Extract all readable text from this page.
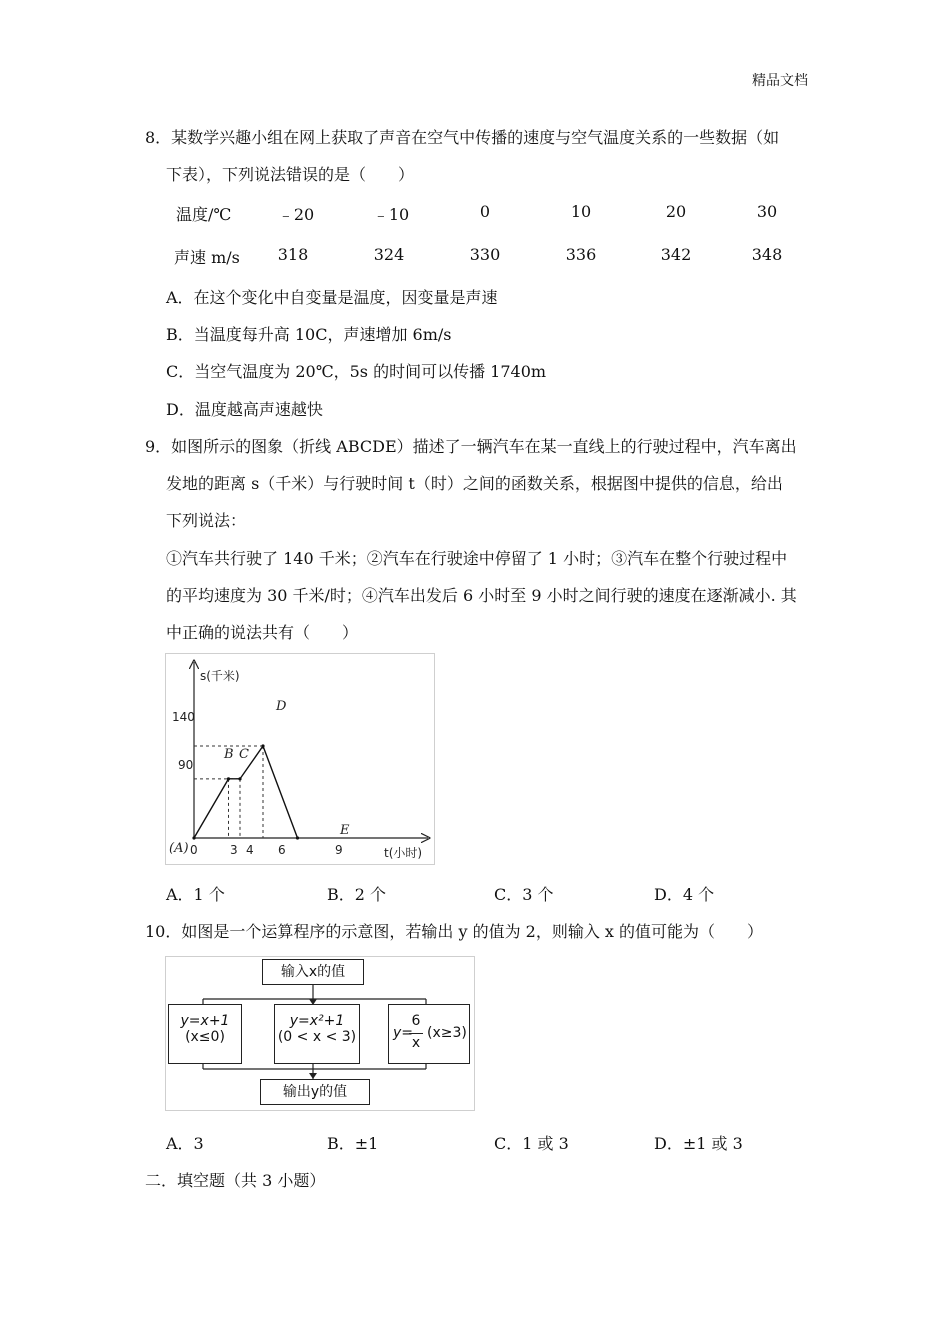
精品文档
8．某数学兴趣小组在网上获取了声音在空气中传播的速度与空气温度关系的一些数据（如
下表），下列说法错误的是（　　）
温度/℃	﹣20	﹣10	0	10	20	30
声速 m/s	318	324	330	336	342	348
A．在这个变化中自变量是温度，因变量是声速
B．当温度每升高 10C，声速增加 6m/s
C．当空气温度为 20℃，5s 的时间可以传播 1740m
D．温度越高声速越快
9．如图所示的图象（折线 ABCDE）描述了一辆汽车在某一直线上的行驶过程中，汽车离出
发地的距离 s（千米）与行驶时间 t（时）之间的函数关系，根据图中提供的信息，给出
下列说法：
①汽车共行驶了 140 千米；②汽车在行驶途中停留了 1 小时；③汽车在整个行驶过程中
的平均速度为 30 千米/时；④汽车出发后 6 小时至 9 小时之间行驶的速度在逐渐减小. 其
中正确的说法共有（　　）
s(千米)
t(小时)
140
90
0	3 4 6	9
(A)
B C
D
E
A．1 个	B．2 个	C．3 个	D．4 个
10．如图是一个运算程序的示意图，若输出 y 的值为 2，则输入 x 的值可能为（　　）
输入x的值
y=x+1
(x≤0)
y=x²+1
(0 < x < 3)	y=
6
x
(x≥3)
输出y的值
A．3	B．±1	C．1 或 3	D．±1 或 3
二．填空题（共 3 小题）
